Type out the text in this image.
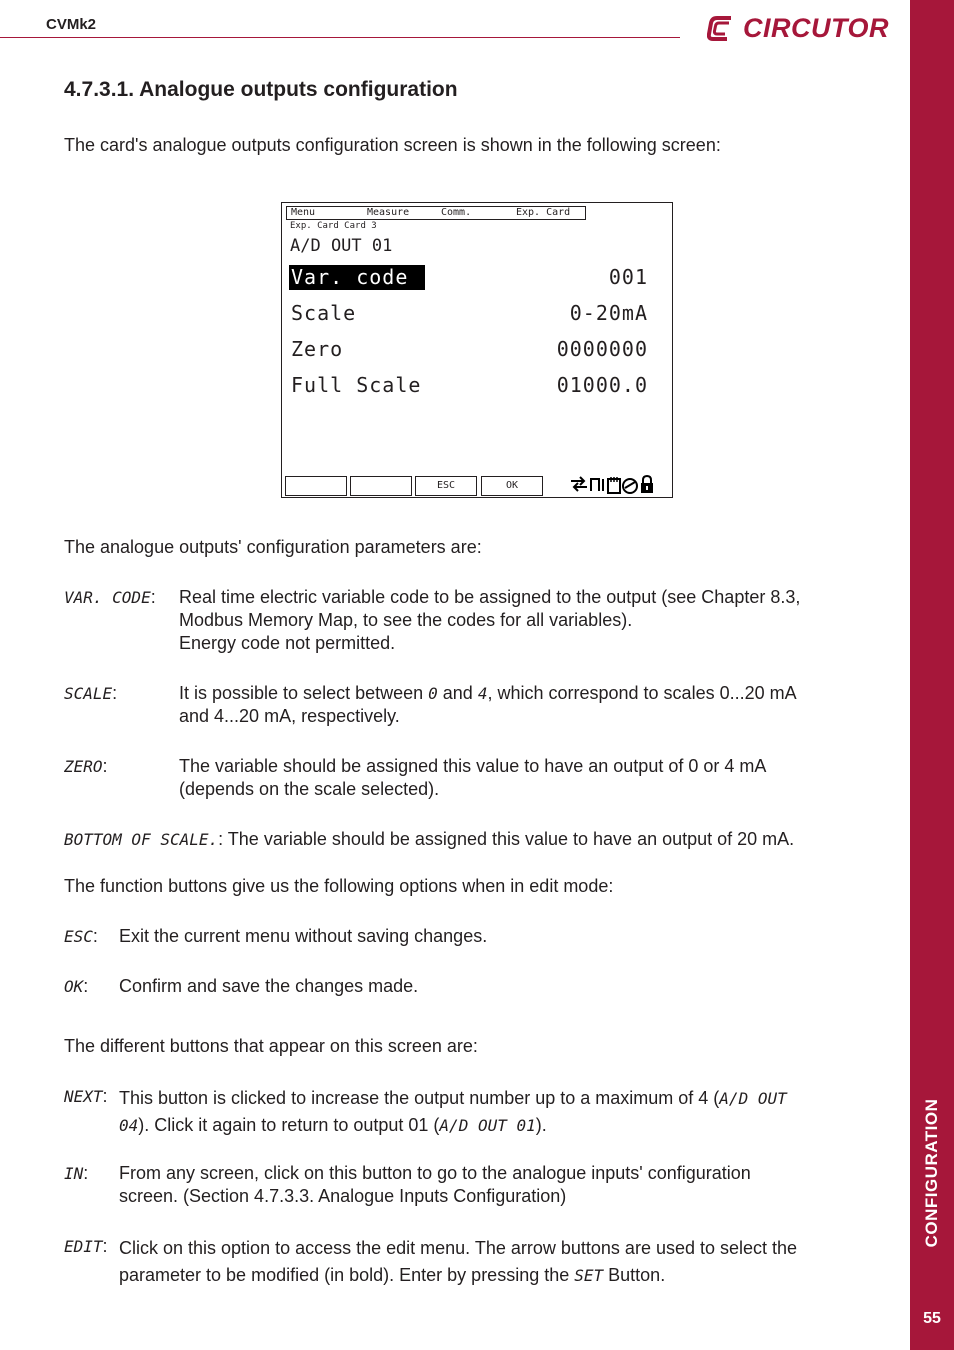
CVMk2	CIRCUTOR
CONFIGURATION
55
4.7.3.1. Analogue outputs configuration
The card's analogue outputs configuration screen is shown in the following screen:
Menu	Measure	Comm.	Exp. Card
Exp. Card Card 3
A/D OUT 01
Var. code	001
Scale	0-20mA
Zero	0000000
Full Scale	01000.0
ESC	OK
The analogue outputs' configuration parameters are:
VAR. CODE: Real time electric variable code to be assigned to the output (see Chapter 8.3,
Modbus Memory Map, to see the codes for all variables).
Energy code not permitted.
SCALE:	It is possible to select between 0 and 4, which correspond to scales 0...20 mA
and 4...20 mA, respectively.
ZERO:	The variable should be assigned this value to have an output of 0 or 4 mA
(depends on the scale selected).
BOTTOM OF SCALE.: The variable should be assigned this value to have an output of 20 mA.
The function buttons give us the following options when in edit mode:
ESC: Exit the current menu without saving changes.
OK: Confirm and save the changes made.
The different buttons that appear on this screen are:
NEXT: This button is clicked to increase the output number up to a maximum of 4 (A/D OUT
04). Click it again to return to output 01 (A/D OUT 01).
IN: From any screen, click on this button to go to the analogue inputs' configuration
screen. (Section 4.7.3.3. Analogue Inputs Configuration)
EDIT: Click on this option to access the edit menu. The arrow buttons are used to select the
parameter to be modified (in bold). Enter by pressing the SET Button.
